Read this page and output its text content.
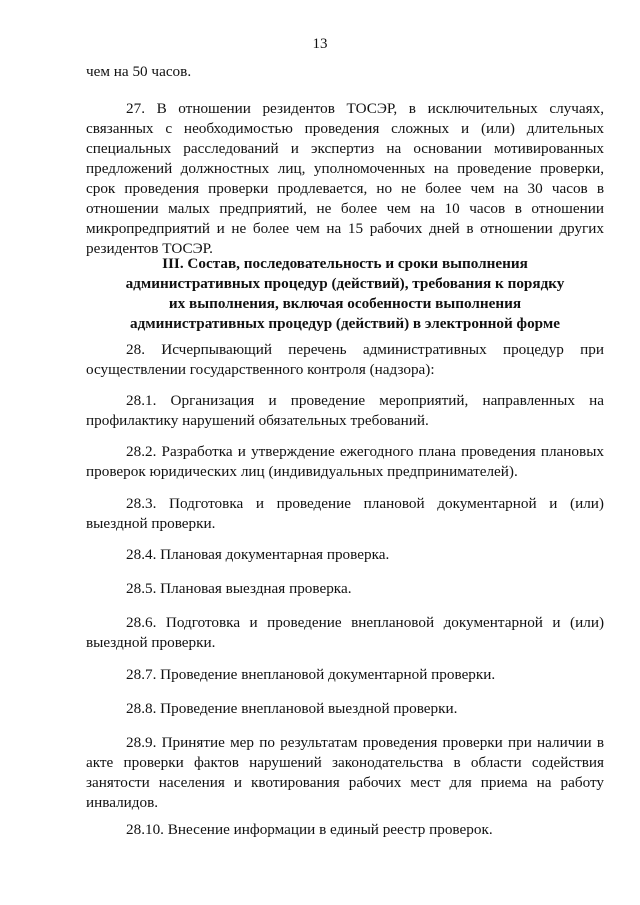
13

чем на 50 часов.

27. В отношении резидентов ТОСЭР, в исключительных случаях, связанных с необходимостью проведения сложных и (или) длительных специальных расследований и экспертиз на основании мотивированных предложений должностных лиц, уполномоченных на проведение проверки, срок проведения проверки продлевается, но не более чем на 30 часов в отношении малых предприятий, не более чем на 10 часов в отношении микропредприятий и не более чем на 15 рабочих дней в отношении других резидентов ТОСЭР.

III. Состав, последовательность и сроки выполнения
административных процедур (действий), требования к порядку
их выполнения, включая особенности выполнения
административных процедур (действий) в электронной форме

28. Исчерпывающий перечень административных процедур при осуществлении государственного контроля (надзора):

28.1. Организация и проведение мероприятий, направленных на профилактику нарушений обязательных требований.

28.2. Разработка и утверждение ежегодного плана проведения плановых проверок юридических лиц (индивидуальных предпринимателей).

28.3. Подготовка и проведение плановой документарной и (или) выездной проверки.

28.4. Плановая документарная проверка.

28.5. Плановая выездная проверка.

28.6. Подготовка и проведение внеплановой документарной и (или) выездной проверки.

28.7. Проведение внеплановой документарной проверки.

28.8. Проведение внеплановой выездной проверки.

28.9. Принятие мер по результатам проведения проверки при наличии в акте проверки фактов нарушений законодательства в области содействия занятости населения и квотирования рабочих мест для приема на работу инвалидов.

28.10. Внесение информации в единый реестр проверок.
